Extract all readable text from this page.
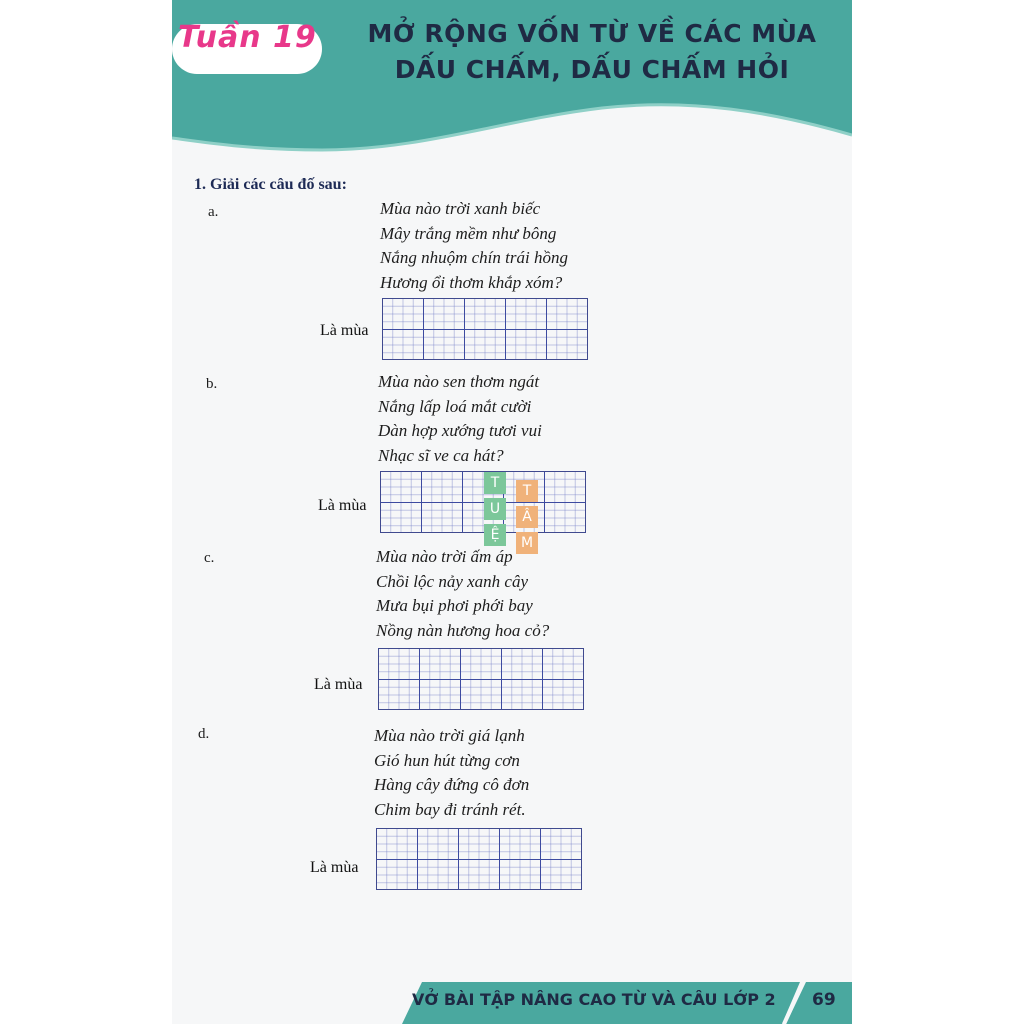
Tuần 19 MỞ RỘNG VỐN TỪ VỀ CÁC MÙA
DẤU CHẤM, DẤU CHẤM HỎI
1. Giải các câu đố sau:
a.	Mùa nào trời xanh biếc
Mây trắng mềm như bông
Nắng nhuộm chín trái hồng
Hương ổi thơm khắp xóm?
Là mùa
b.	Mùa nào sen thơm ngát
Nắng lấp loá mắt cười
Dàn hợp xướng tươi vui
Nhạc sĩ ve ca hát?
Là mùa
c.	Mùa nào trời ấm áp
Chồi lộc nảy xanh cây
Mưa bụi phơi phới bay
Nồng nàn hương hoa cỏ?
Là mùa
d.	Mùa nào trời giá lạnh
Gió hun hút từng cơn
Hàng cây đứng cô đơn
Chim bay đi tránh rét.
Là mùa
T	T
U	Â
Ệ	M
VỞ BÀI TẬP NÂNG CAO TỪ VÀ CÂU LỚP 2 69
